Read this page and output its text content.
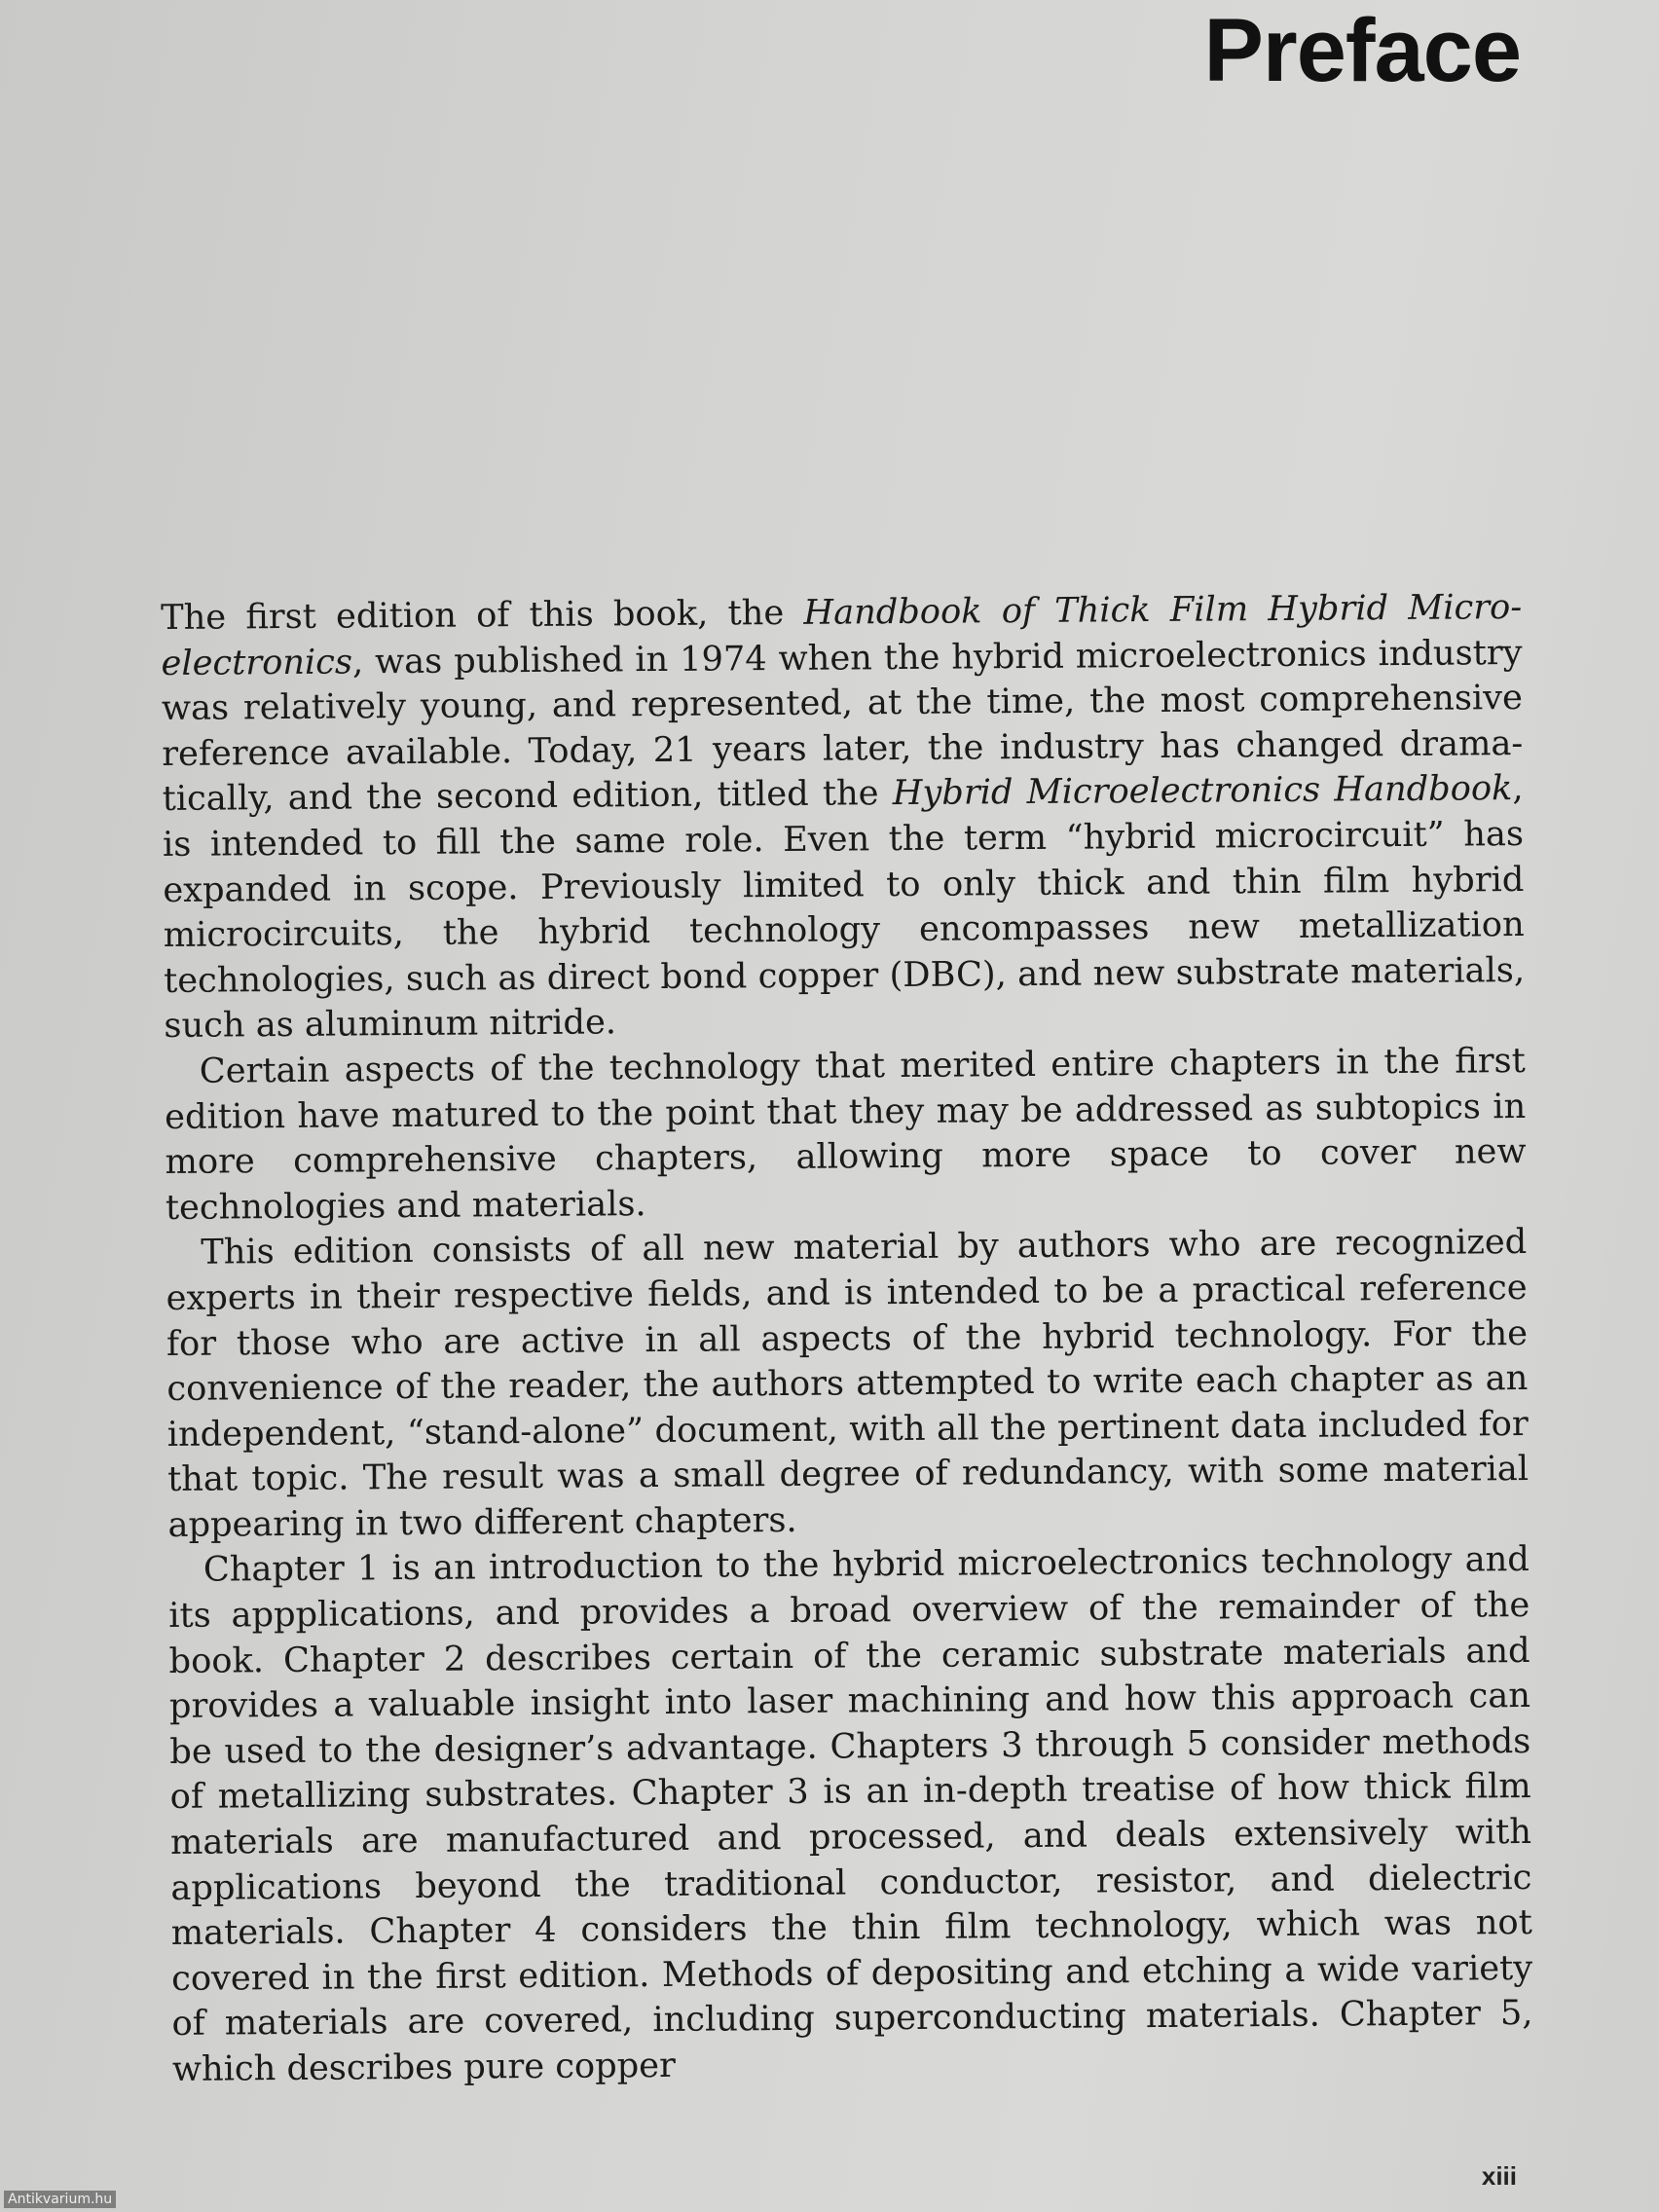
Preface

The first edition of this book, the Handbook of Thick Film Hybrid Microelectronics, was published in 1974 when the hybrid microelectronics industry was relatively young, and represented, at the time, the most comprehensive reference available. Today, 21 years later, the industry has changed dramatically, and the second edition, titled the Hybrid Microelectronics Handbook, is intended to fill the same role. Even the term “hybrid microcircuit” has expanded in scope. Previously limited to only thick and thin film hybrid microcircuits, the hybrid technology encompasses new metallization technologies, such as direct bond copper (DBC), and new substrate materials, such as aluminum nitride.

Certain aspects of the technology that merited entire chapters in the first edition have matured to the point that they may be addressed as subtopics in more comprehensive chapters, allowing more space to cover new technologies and materials.

This edition consists of all new material by authors who are recognized experts in their respective fields, and is intended to be a practical reference for those who are active in all aspects of the hybrid technology. For the convenience of the reader, the authors attempted to write each chapter as an independent, “stand-alone” document, with all the pertinent data included for that topic. The result was a small degree of redundancy, with some material appearing in two different chapters.

Chapter 1 is an introduction to the hybrid microelectronics technology and its appplications, and provides a broad overview of the remainder of the book. Chapter 2 describes certain of the ceramic substrate materials and provides a valuable insight into laser machining and how this approach can be used to the designer’s advantage. Chapters 3 through 5 consider methods of metallizing substrates. Chapter 3 is an in-depth treatise of how thick film materials are manufactured and processed, and deals extensively with applications beyond the traditional conductor, resistor, and dielectric materials. Chapter 4 considers the thin film technology, which was not covered in the first edition. Methods of depositing and etching a wide variety of materials are covered, including superconducting materials. Chapter 5, which describes pure copper

xiii
Antikvarium.hu
